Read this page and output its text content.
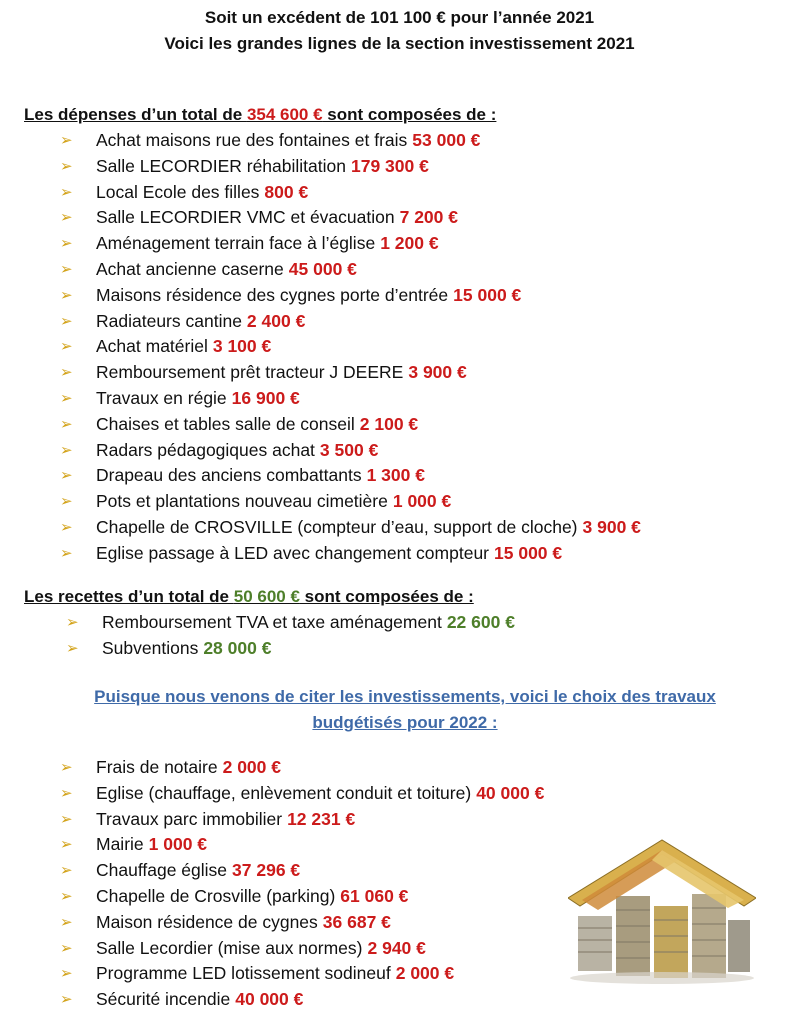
Soit un excédent de 101 100 € pour l’année 2021
Voici les grandes lignes de la section investissement 2021
Les dépenses d’un total de 354 600 € sont composées de :
➢	Achat maisons rue des fontaines et frais 53 000 €
➢	Salle LECORDIER réhabilitation 179 300 €
➢	Local Ecole des filles 800 €
➢	Salle LECORDIER VMC et évacuation 7 200 €
➢	Aménagement terrain face à l’église 1 200 €
➢	Achat ancienne caserne 45 000 €
➢	Maisons résidence des cygnes porte d’entrée 15 000 €
➢	Radiateurs cantine 2 400 €
➢	Achat matériel 3 100 €
➢	Remboursement prêt tracteur J DEERE 3 900 €
➢	Travaux en régie 16 900 €
➢	Chaises et tables salle de conseil 2 100 €
➢	Radars pédagogiques achat 3 500 €
➢	Drapeau des anciens combattants 1 300 €
➢	Pots et plantations nouveau cimetière 1 000 €
➢	Chapelle de CROSVILLE (compteur d’eau, support de cloche) 3 900 €
➢	Eglise passage à LED avec changement compteur 15 000 €
Les recettes d’un total de 50 600 € sont composées de :
➢	Remboursement TVA et taxe aménagement 22 600 €
➢	Subventions 28 000 €
Puisque nous venons de citer les investissements, voici le choix des travaux
budgétisés pour 2022 :
➢	Frais de notaire 2 000 €
➢	Eglise (chauffage, enlèvement conduit et toiture) 40 000 €
➢	Travaux parc immobilier 12 231 €
➢	Mairie 1 000 €
➢	Chauffage église 37 296 €
➢	Chapelle de Crosville (parking) 61 060 €
➢	Maison résidence de cygnes 36 687 €
➢	Salle Lecordier (mise aux normes) 2 940 €
➢	Programme LED lotissement sodineuf 2 000 €
➢	Sécurité incendie 40 000 €
